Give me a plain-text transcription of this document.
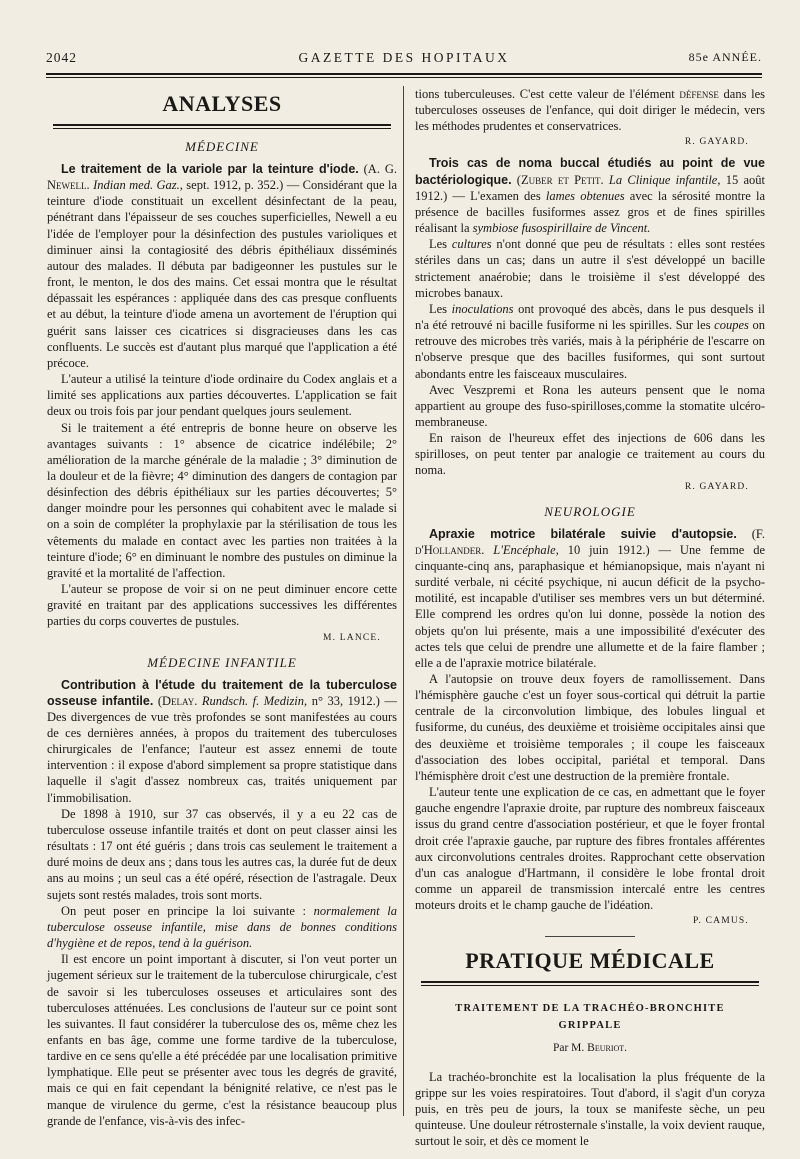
2042	GAZETTE DES HOPITAUX	85e ANNÉE.
ANALYSES
MÉDECINE

Le traitement de la variole par la teinture d'iode. (A. G. Newell. Indian med. Gaz., sept. 1912, p. 352.) — Considérant que la teinture d'iode constituait un excellent désinfectant de la peau, pénétrant dans l'épaisseur de ses couches superficielles, Newell a eu l'idée de l'employer pour la désinfection des pustules varioliques et diminuer ainsi la contagiosité des débris épithéliaux disséminés autour des malades. Il débuta par badigeonner les pustules sur le front, le menton, le dos des mains. Cet essai montra que le résultat dépassait les espérances : appliquée dans des cas presque confluents et au début, la teinture d'iode amena un avortement de l'éruption qui guérit sans laisser ces cicatrices si disgracieuses dans les cas confluents. Le succès est d'autant plus marqué que l'application a été précoce.

L'auteur a utilisé la teinture d'iode ordinaire du Codex anglais et a limité ses applications aux parties découvertes. L'application se fait deux ou trois fois par jour pendant quelques jours seulement.

Si le traitement a été entrepris de bonne heure on observe les avantages suivants : 1° absence de cicatrice indélébile; 2° amélioration de la marche générale de la maladie ; 3° diminution de la douleur et de la fièvre; 4° diminution des dangers de contagion par désinfection des débris épithéliaux sur les parties découvertes; 5° danger moindre pour les personnes qui cohabitent avec le malade si on a soin de compléter la prophylaxie par la stérilisation de tous les vêtements du malade en contact avec les parties non traitées à la teinture d'iode; 6° en diminuant le nombre des pustules on diminue la gravité et la mortalité de l'affection.

L'auteur se propose de voir si on ne peut diminuer encore cette gravité en traitant par des applications successives les différentes parties du corps couvertes de pustules.

M. LANCE.
MÉDECINE INFANTILE

Contribution à l'étude du traitement de la tuberculose osseuse infantile. (Delay. Rundsch. f. Medizin, n° 33, 1912.) — Des divergences de vue très profondes se sont manifestées au cours de ces dernières années, à propos du traitement des tuberculoses chirurgicales de l'enfance; l'auteur est assez ennemi de toute intervention : il expose d'abord simplement sa propre statistique dans laquelle il s'agit d'assez nombreux cas, traités uniquement par l'immobilisation.

De 1898 à 1910, sur 37 cas observés, il y a eu 22 cas de tuberculose osseuse infantile traités et dont on peut classer ainsi les résultats : 17 ont été guéris ; dans trois cas seulement le traitement a duré moins de deux ans ; dans tous les autres cas, la durée fut de deux ans au moins ; un seul cas a été opéré, résection de l'astragale. Deux sujets sont restés malades, trois sont morts.

On peut poser en principe la loi suivante : normalement la tuberculose osseuse infantile, mise dans de bonnes conditions d'hygiène et de repos, tend à la guérison.

Il est encore un point important à discuter, si l'on veut porter un jugement sérieux sur le traitement de la tuberculose chirurgicale, c'est de savoir si les tuberculoses osseuses et articulaires sont des tuberculoses atténuées. Les conclusions de l'auteur sur ce point sont les suivantes. Il faut considérer la tuberculose des os, même chez les enfants en bas âge, comme une forme tardive de la tuberculose, tardive en ce sens qu'elle a été précédée par une localisation primitive lymphatique. Elle peut se présenter avec tous les degrés de gravité, mais ce qui en fait cependant la bénignité relative, ce n'est pas le manque de virulence du germe, c'est la résistance beaucoup plus grande de l'enfance, vis-à-vis des infec-

tions tuberculeuses. C'est cette valeur de l'élément défense dans les tuberculoses osseuses de l'enfance, qui doit diriger le médecin, vers les méthodes prudentes et conservatrices.

R. GAYARD.

Trois cas de noma buccal étudiés au point de vue bactériologique. (Zuber et Petit. La Clinique infantile, 15 août 1912.) — L'examen des lames obtenues avec la sérosité montre la présence de bacilles fusiformes assez gros et de fines spirilles réalisant la symbiose fusospirillaire de Vincent.

Les cultures n'ont donné que peu de résultats : elles sont restées stériles dans un cas; dans un autre il s'est développé un bacille strictement anaérobie; dans le troisième il s'est développé des microbes banaux.

Les inoculations ont provoqué des abcès, dans le pus desquels il n'a été retrouvé ni bacille fusiforme ni les spirilles. Sur les coupes on retrouve des microbes très variés, mais à la périphérie de l'escarre on n'observe presque que des bacilles fusiformes, qui sont surtout abondants entre les faisceaux musculaires.

Avec Veszpremi et Rona les auteurs pensent que le noma appartient au groupe des fuso-spirilloses,comme la stomatite ulcéro-membraneuse.

En raison de l'heureux effet des injections de 606 dans les spirilloses, on peut tenter par analogie ce traitement au cours du noma.

R. GAYARD.
NEUROLOGIE

Apraxie motrice bilatérale suivie d'autopsie. (F. d'Hollander. L'Encéphale, 10 juin 1912.) — Une femme de cinquante-cinq ans, paraphasique et hémianopsique, mais n'ayant ni surdité verbale, ni cécité psychique, ni aucun déficit de la psycho-motilité, est incapable d'utiliser ses membres vers un but déterminé. Elle comprend les ordres qu'on lui donne, possède la notion des objets qu'on lui présente, mais a une impossibilité d'exécuter des actes tels que celui de prendre une allumette et de la faire flamber ; elle a de l'apraxie motrice bilatérale.

A l'autopsie on trouve deux foyers de ramollissement. Dans l'hémisphère gauche c'est un foyer sous-cortical qui détruit la partie centrale de la circonvolution limbique, des lobules lingual et fusiforme, du cunéus, des deuxième et troisième occipitales ainsi que des deuxième et troisième temporales ; il coupe les faisceaux d'association des lobes occipital, pariétal et temporal. Dans l'hémisphère droit c'est une destruction de la première frontale.

L'auteur tente une explication de ce cas, en admettant que le foyer gauche engendre l'apraxie droite, par rupture des nombreux faisceaux issus du grand centre d'association postérieur, et que le foyer frontal droit crée l'apraxie gauche, par rupture des fibres frontales afférentes aux circonvolutions centrales droites. Rapprochant cette observation d'un cas analogue d'Hartmann, il considère le lobe frontal droit comme un appareil de transmission intercalé entre les centres moteurs droits et le champ gauche de l'idéation.

P. CAMUS.
PRATIQUE MÉDICALE
TRAITEMENT DE LA TRACHÉO-BRONCHITE
GRIPPALE
Par M. Beuriot.

La trachéo-bronchite est la localisation la plus fréquente de la grippe sur les voies respiratoires. Tout d'abord, il s'agit d'un coryza puis, en très peu de jours, la toux se manifeste sèche, un peu quinteuse. Une douleur rétrosternale s'installe, la voix devient rauque, surtout le soir, et dès ce moment le
